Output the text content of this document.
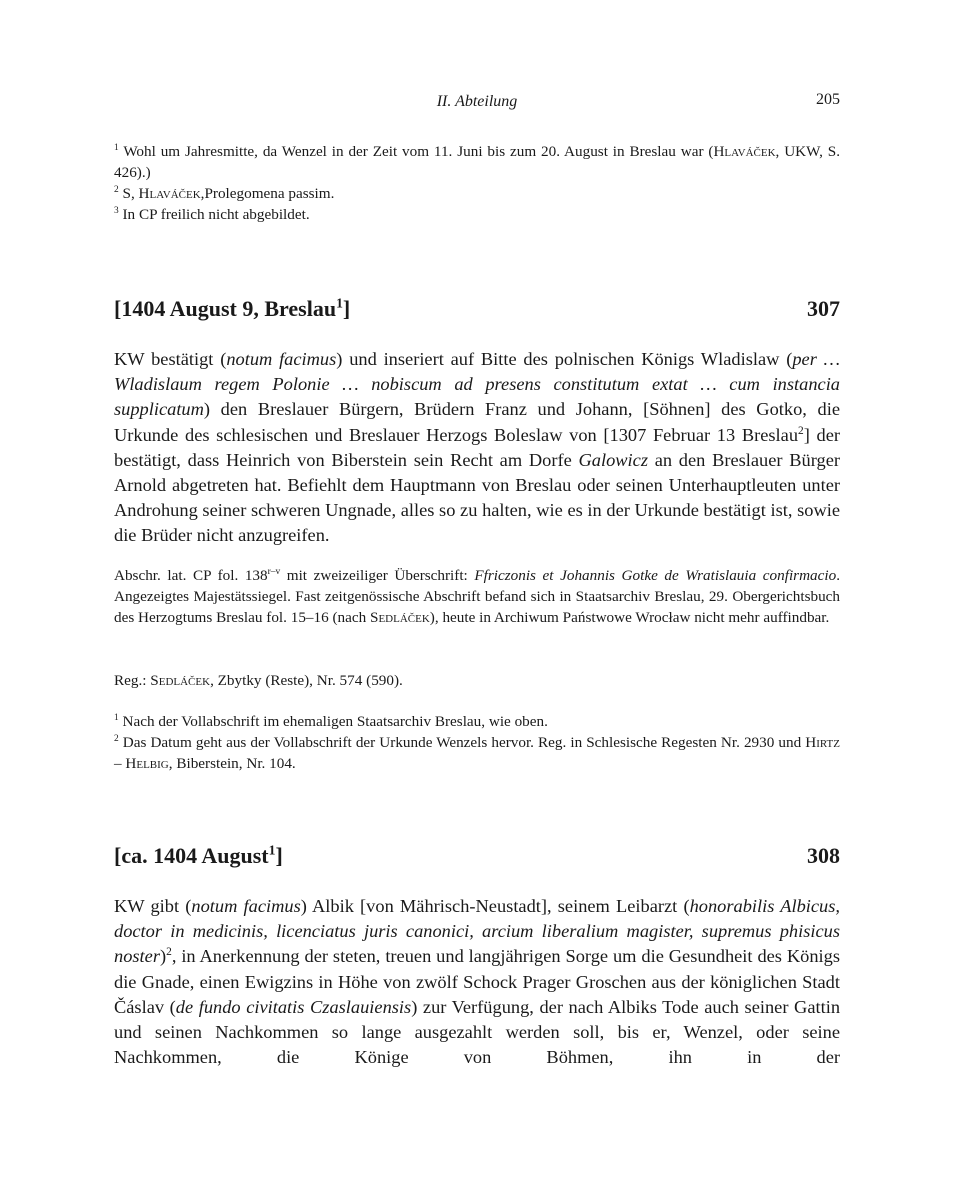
II. Abteilung	205

$^1$ Wohl um Jahresmitte, da Wenzel in der Zeit vom 11. Juni bis zum 20. August in Breslau war (Hlaváček, UKW, S. 426).)

$^2$ S, Hlaváček,Prolegomena passim.

$^3$ In CP freilich nicht abgebildet.

[1404 August 9, Breslau$^1$]	307

KW bestätigt (notum facimus) und inseriert auf Bitte des polnischen Königs Wladislaw (per … Wladislaum regem Polonie … nobiscum ad presens constitutum extat … cum instancia supplicatum) den Breslauer Bürgern, Brüdern Franz und Johann, [Söhnen] des Gotko, die Urkunde des schlesischen und Breslauer Herzogs Boleslaw von [1307 Februar 13 Breslau$^2$] der bestätigt, dass Heinrich von Biberstein sein Recht am Dorfe Galowicz an den Breslauer Bürger Arnold abgetreten hat. Befiehlt dem Hauptmann von Breslau oder seinen Unterhauptleuten unter Androhung seiner schweren Ungnade, alles so zu halten, wie es in der Urkunde bestätigt ist, sowie die Brüder nicht anzugreifen.

Abschr. lat. CP fol. 138$^{r-v}$ mit zweizeiliger Überschrift: Ffriczonis et Johannis Gotke de Wratislauia confirmacio. Angezeigtes Majestätssiegel. Fast zeitgenössische Abschrift befand sich in Staatsarchiv Breslau, 29. Obergerichtsbuch des Herzogtums Breslau fol. 15–16 (nach Sedláček), heute in Archiwum Państwowe Wrocław nicht mehr auffindbar.

Reg.: Sedláček, Zbytky (Reste), Nr. 574 (590).

$^1$ Nach der Vollabschrift im ehemaligen Staatsarchiv Breslau, wie oben.

$^2$ Das Datum geht aus der Vollabschrift der Urkunde Wenzels hervor. Reg. in Schlesische Regesten Nr. 2930 und Hirtz – Helbig, Biberstein, Nr. 104.

[ca. 1404 August$^1$]	308

KW gibt (notum facimus) Albik [von Mährisch-Neustadt], seinem Leibarzt (honorabilis Albicus, doctor in medicinis, licenciatus juris canonici, arcium liberalium magister, supremus phisicus noster)$^2$, in Anerkennung der steten, treuen und langjährigen Sorge um die Gesundheit des Königs die Gnade, einen Ewigzins in Höhe von zwölf Schock Prager Groschen aus der königlichen Stadt Čáslav (de fundo civitatis Czaslauiensis) zur Verfügung, der nach Albiks Tode auch seiner Gattin und seinen Nachkommen so lange ausgezahlt werden soll, bis er, Wenzel, oder seine Nachkommen, die Könige von Böhmen, ihn in der
